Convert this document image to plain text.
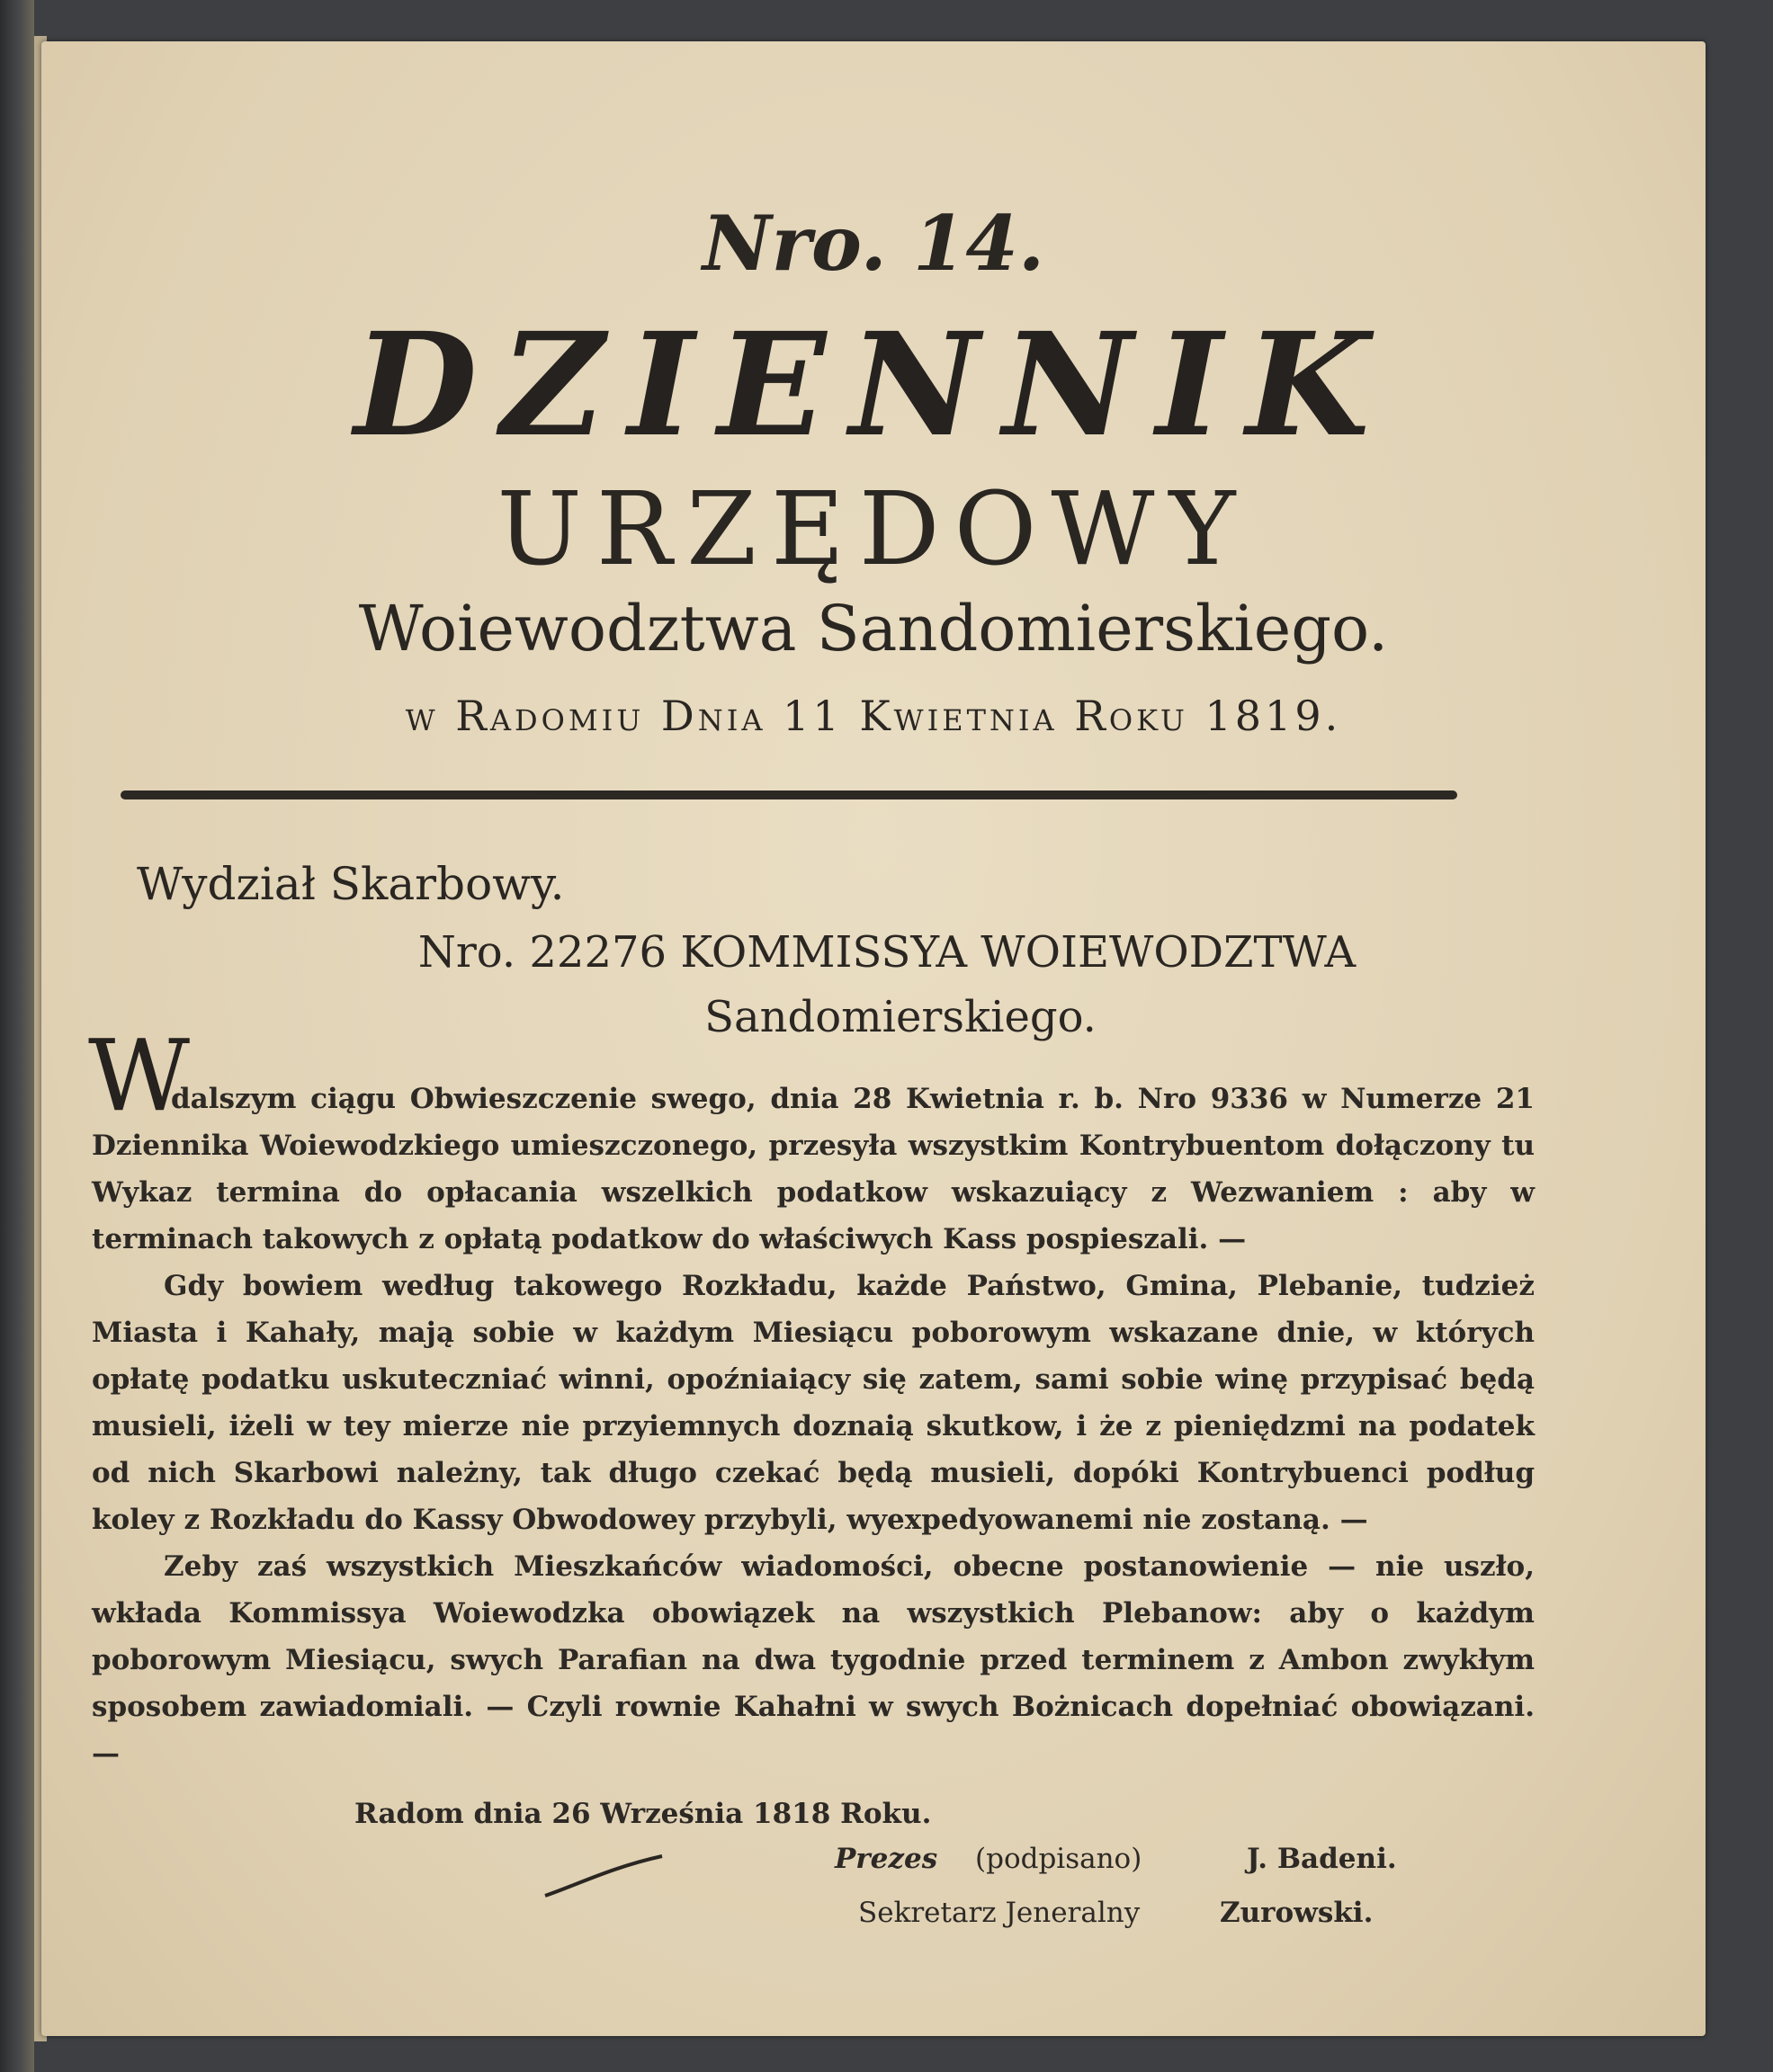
Nro. 14.
DZIENNIK
URZĘDOWY
Woiewodztwa Sandomierskiego.
w Radomiu Dnia 11 Kwietnia Roku 1819.
Wydział Skarbowy.
Nro. 22276 KOMMISSYA WOIEWODZTWA
Sandomierskiego.
W

dalszym ciągu Obwieszczenie swego, dnia 28 Kwietnia r. b. Nro 9336 w Numerze 21 Dziennika Woiewodzkiego umieszczonego, przesyła wszystkim Kontrybuentom dołączony tu Wykaz termina do opłacania wszelkich podatkow wskazuiący z Wezwaniem : aby w terminach takowych z opłatą podatkow do właściwych Kass pospieszali. —

Gdy bowiem według takowego Rozkładu, każde Państwo, Gmina, Plebanie, tudzież Miasta i Kahały, mają sobie w każdym Miesiącu poborowym wskazane dnie, w których opłatę podatku uskuteczniać winni, opoźniaiący się zatem, sami sobie winę przypisać będą musieli, iżeli w tey mierze nie przyiemnych doznaią skutkow, i że z pieniędzmi na podatek od nich Skarbowi należny, tak długo czekać będą musieli, dopóki Kontrybuenci podług koley z Rozkładu do Kassy Obwodowey przybyli, wyexpedyowanemi nie zostaną. —

Zeby zaś wszystkich Mieszkańców wiadomości, obecne postanowienie — nie uszło, wkłada Kommissya Woiewodzka obowiązek na wszystkich Plebanow: aby o każdym poborowym Miesiącu, swych Parafian na dwa tygodnie przed terminem z Ambon zwykłym sposobem zawiadomiali. — Czyli rownie Kahałni w swych Bożnicach dopełniać obowiązani. —

Radom dnia 26 Września 1818 Roku.
Prezes (podpisano)	J. Badeni.
Sekretarz Jeneralny	Zurowski.
